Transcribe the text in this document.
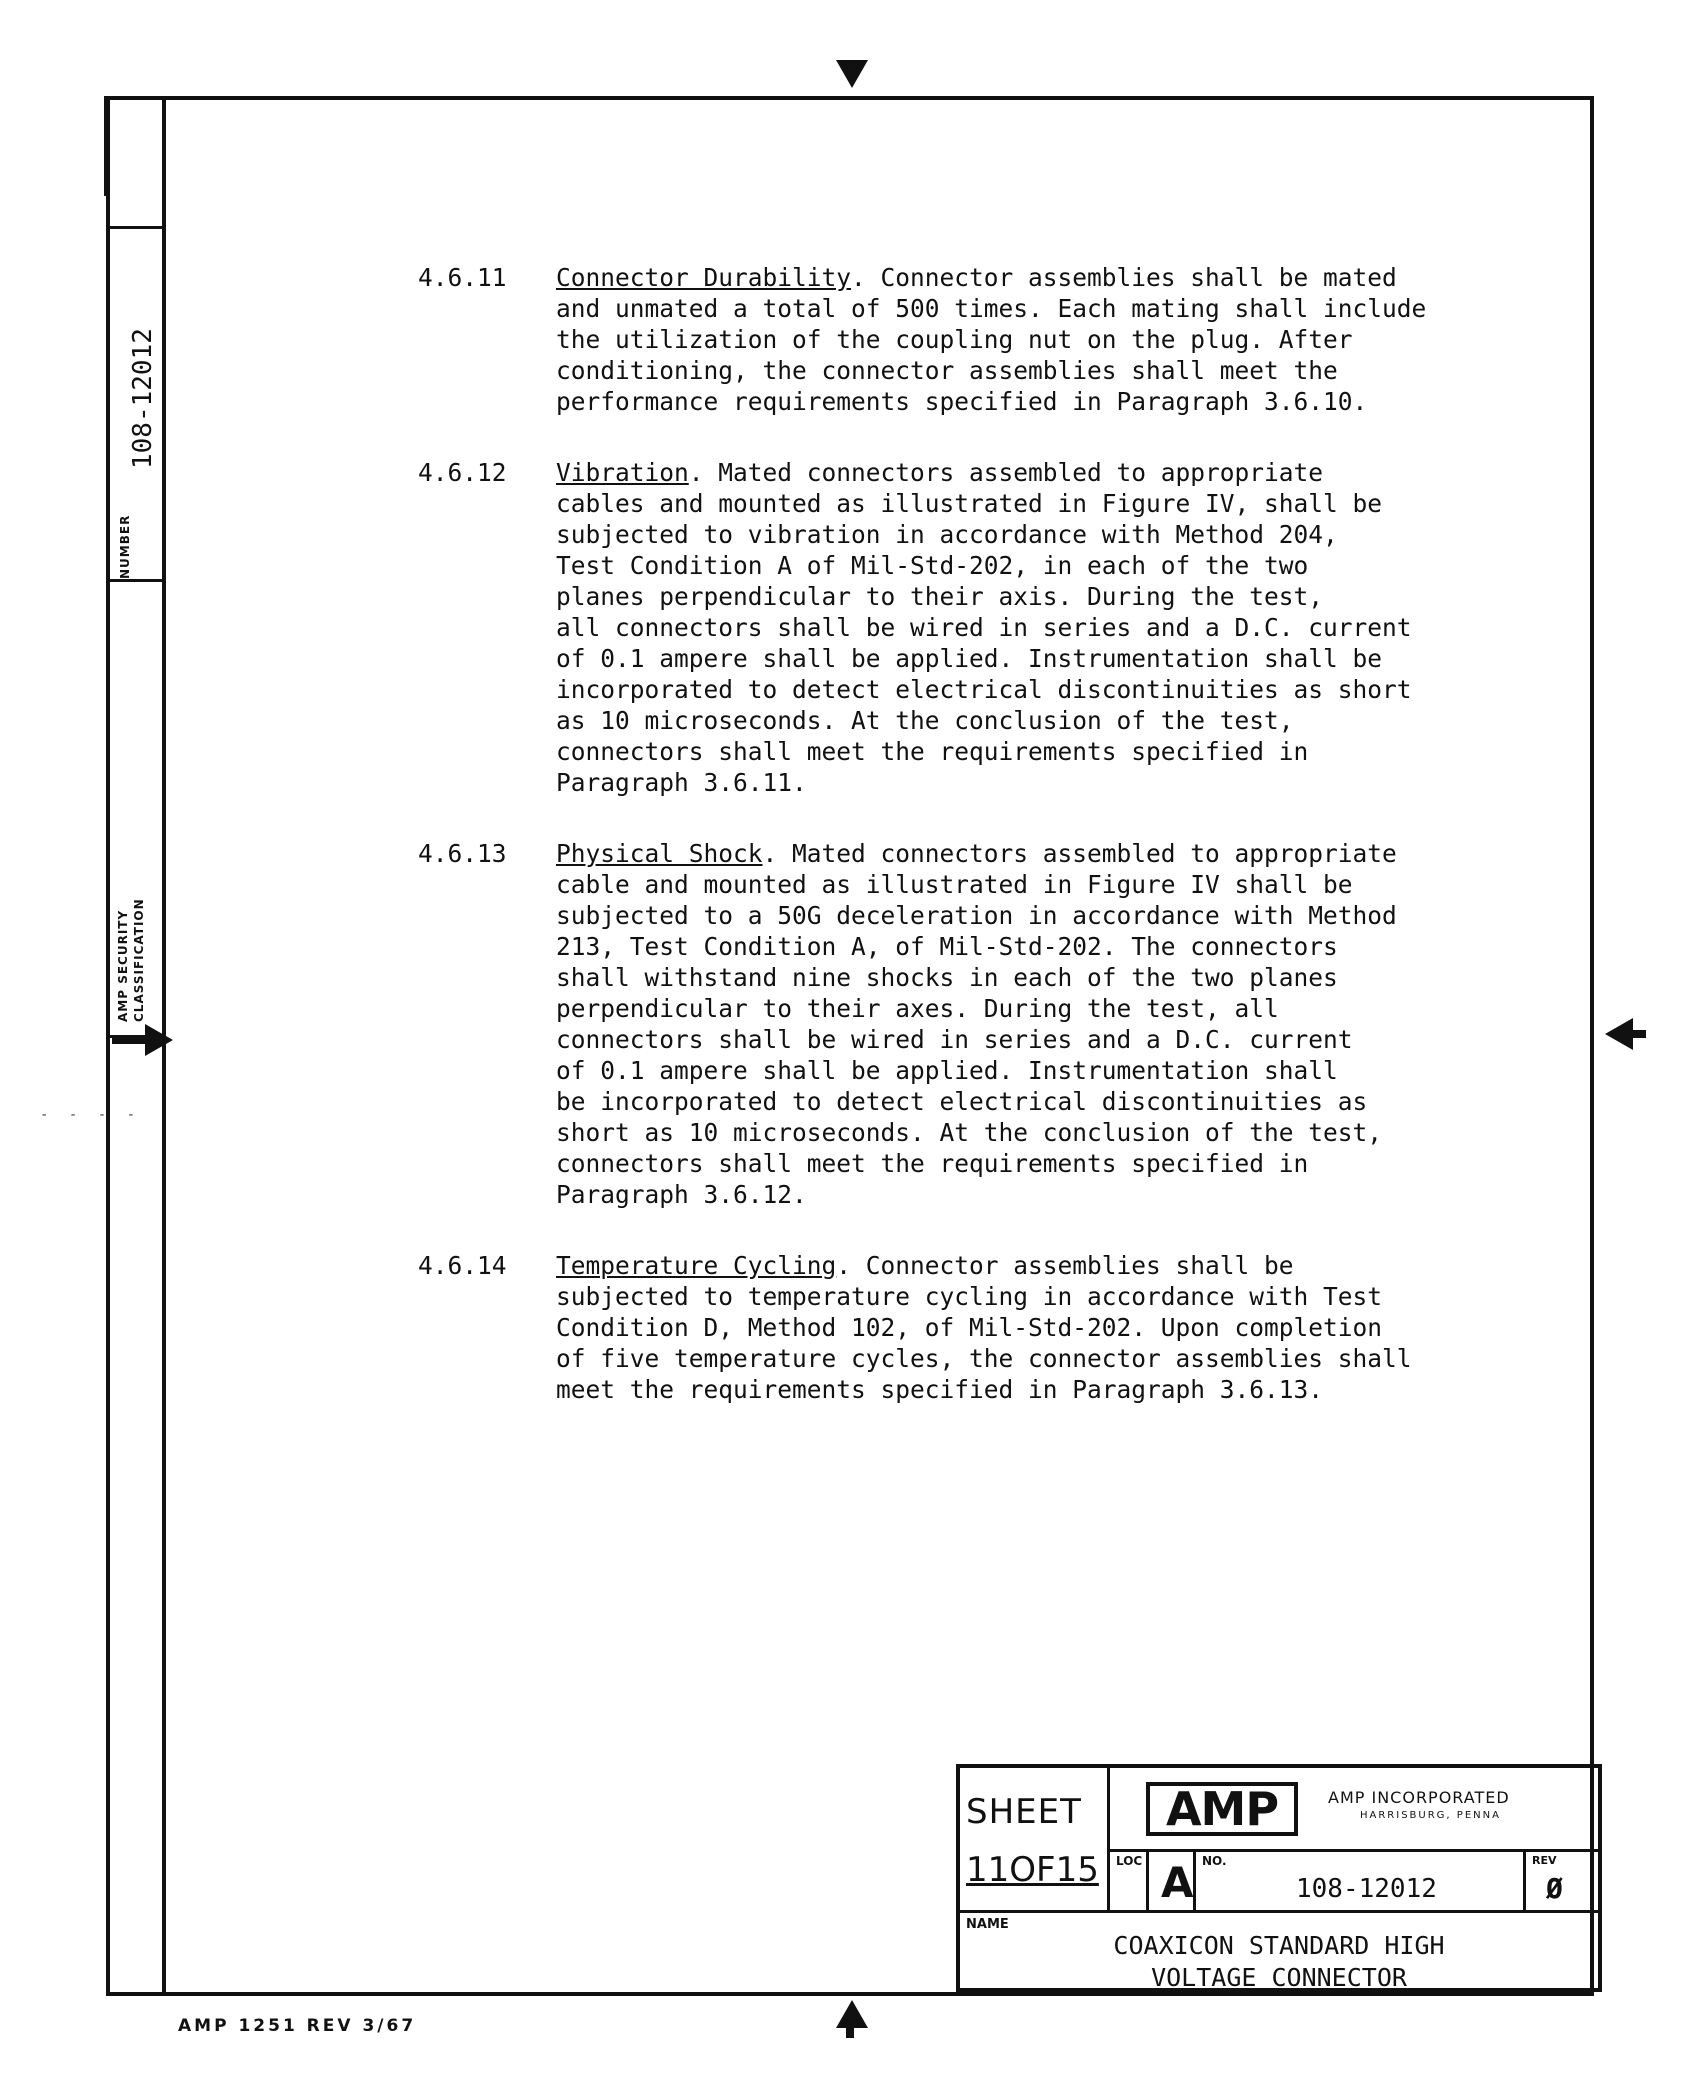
NUMBER
108-12012
AMP SECURITY CLASSIFICATION
- - - -
4.6.11 Connector Durability. Connector assemblies shall be mated
and unmated a total of 500 times. Each mating shall include
the utilization of the coupling nut on the plug. After
conditioning, the connector assemblies shall meet the
performance requirements specified in Paragraph 3.6.10.
4.6.12 Vibration. Mated connectors assembled to appropriate
cables and mounted as illustrated in Figure IV, shall be
subjected to vibration in accordance with Method 204,
Test Condition A of Mil-Std-202, in each of the two
planes perpendicular to their axis. During the test,
all connectors shall be wired in series and a D.C. current
of 0.1 ampere shall be applied. Instrumentation shall be
incorporated to detect electrical discontinuities as short
as 10 microseconds. At the conclusion of the test,
connectors shall meet the requirements specified in
Paragraph 3.6.11.
4.6.13 Physical Shock. Mated connectors assembled to appropriate
cable and mounted as illustrated in Figure IV shall be
subjected to a 50G deceleration in accordance with Method
213, Test Condition A, of Mil-Std-202. The connectors
shall withstand nine shocks in each of the two planes
perpendicular to their axes. During the test, all
connectors shall be wired in series and a D.C. current
of 0.1 ampere shall be applied. Instrumentation shall
be incorporated to detect electrical discontinuities as
short as 10 microseconds. At the conclusion of the test,
connectors shall meet the requirements specified in
Paragraph 3.6.12.
4.6.14 Temperature Cycling. Connector assemblies shall be
subjected to temperature cycling in accordance with Test
Condition D, Method 102, of Mil-Std-202. Upon completion
of five temperature cycles, the connector assemblies shall
meet the requirements specified in Paragraph 3.6.13.
SHEET
11OF15
AMP	AMP INCORPORATED
HARRISBURG, PENNA
LOC A NO.
108-12012
REV
Ø
NAME
COAXICON STANDARD HIGH
VOLTAGE CONNECTOR
AMP 1251 REV 3/67
